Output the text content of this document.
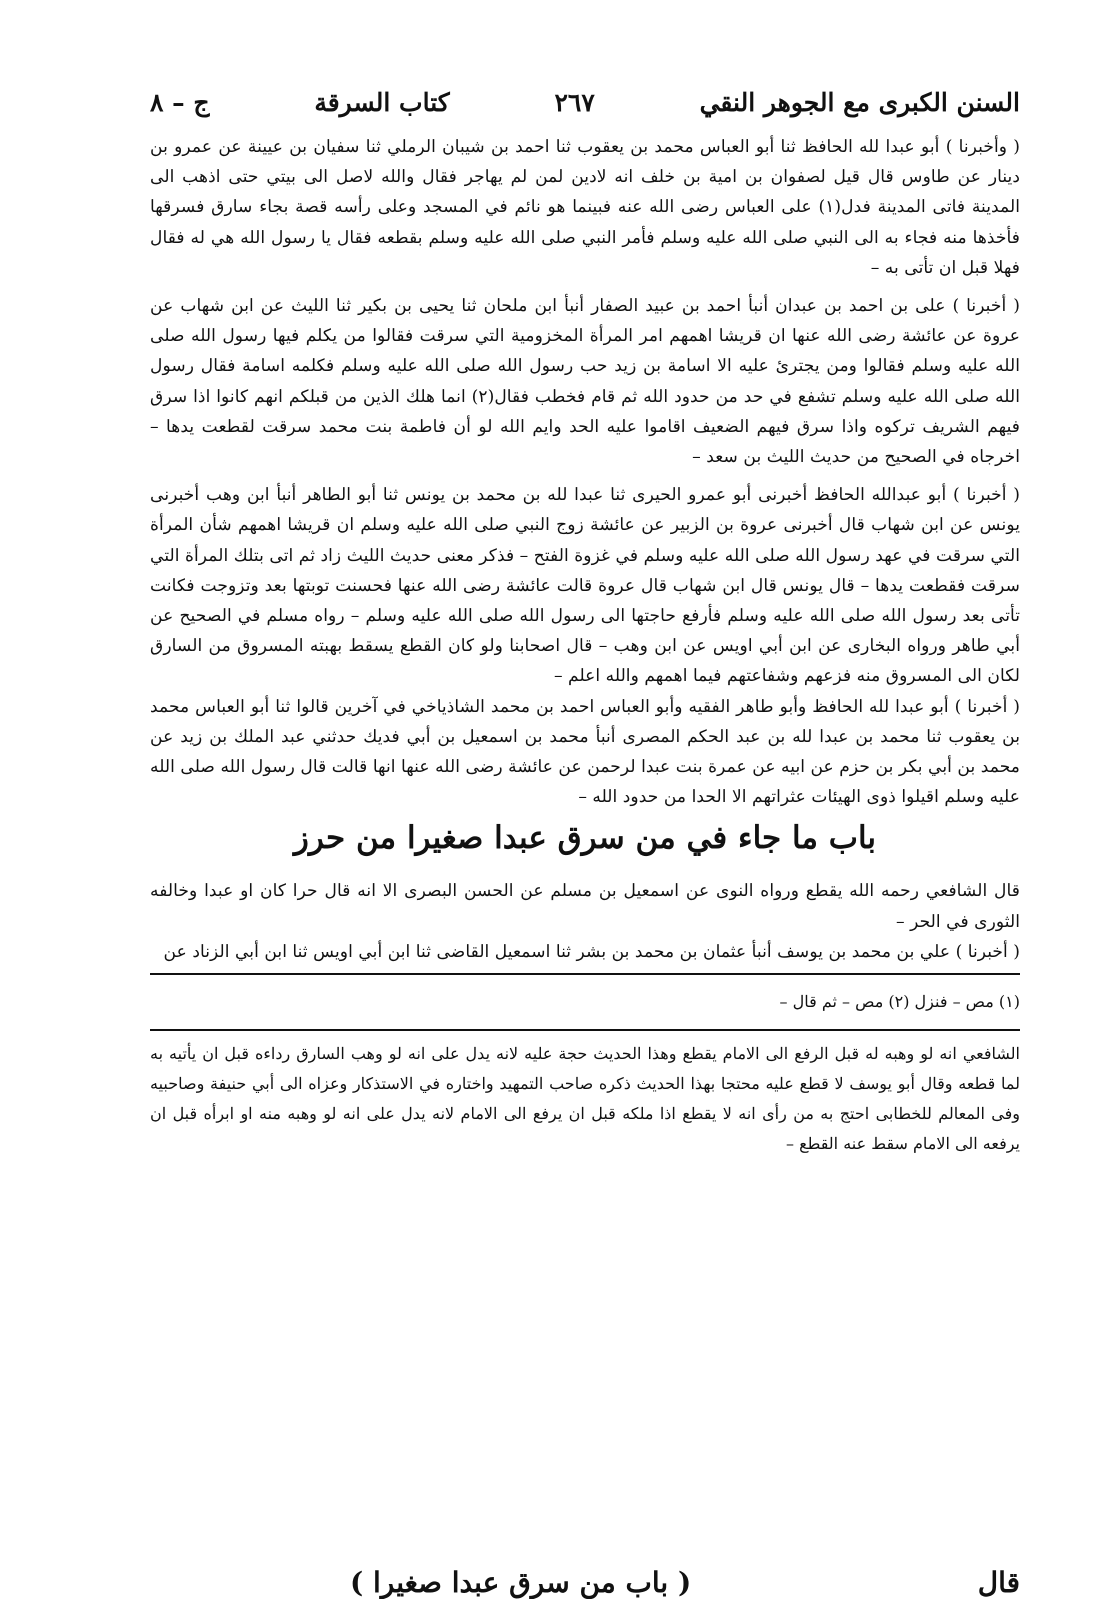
السنن الكبرى مع الجوهر النقي
٢٦٧
كتاب السرقة
ج – ٨

( وأخبرنا ) أبو عبدا لله الحافظ ثنا أبو العباس محمد بن يعقوب ثنا احمد بن شيبان الرملي ثنا سفيان بن عيينة عن عمرو بن دينار عن طاوس قال قيل لصفوان بن امية بن خلف انه لادين لمن لم يهاجر فقال والله لاصل الى بيتي حتى اذهب الى المدينة فاتى المدينة فدل(١) على العباس رضى الله عنه فبينما هو نائم في المسجد وعلى رأسه قصة بجاء سارق فسرقها فأخذها منه فجاء به الى النبي صلى الله عليه وسلم فأمر النبي صلى الله عليه وسلم بقطعه فقال يا رسول الله هي له فقال فهلا قبل ان تأتى به –

( أخبرنا ) على بن احمد بن عبدان أنبأ احمد بن عبيد الصفار أنبأ ابن ملحان ثنا يحيى بن بكير ثنا الليث عن ابن شهاب عن عروة عن عائشة رضى الله عنها ان قريشا اهمهم امر المرأة المخزومية التي سرقت فقالوا من يكلم فيها رسول الله صلى الله عليه وسلم فقالوا ومن يجترئ عليه الا اسامة بن زيد حب رسول الله صلى الله عليه وسلم فكلمه اسامة فقال رسول الله صلى الله عليه وسلم تشفع في حد من حدود الله ثم قام فخطب فقال(٢) انما هلك الذين من قبلكم انهم كانوا اذا سرق فيهم الشريف تركوه واذا سرق فيهم الضعيف اقاموا عليه الحد وايم الله لو أن فاطمة بنت محمد سرقت لقطعت يدها – اخرجاه في الصحيح من حديث الليث بن سعد –

( أخبرنا ) أبو عبدالله الحافظ أخبرنى أبو عمرو الحيرى ثنا عبدا لله بن محمد بن يونس ثنا أبو الطاهر أنبأ ابن وهب أخبرنى يونس عن ابن شهاب قال أخبرنى عروة بن الزبير عن عائشة زوج النبي صلى الله عليه وسلم ان قريشا اهمهم شأن المرأة التي سرقت في عهد رسول الله صلى الله عليه وسلم في غزوة الفتح – فذكر معنى حديث الليث زاد ثم اتى بتلك المرأة التي سرقت فقطعت يدها – قال يونس قال ابن شهاب قال عروة قالت عائشة رضى الله عنها فحسنت توبتها بعد وتزوجت فكانت تأتى بعد رسول الله صلى الله عليه وسلم فأرفع حاجتها الى رسول الله صلى الله عليه وسلم – رواه مسلم في الصحيح عن أبي طاهر ورواه البخارى عن ابن أبي اويس عن ابن وهب – قال اصحابنا ولو كان القطع يسقط بهبته المسروق من السارق لكان الى المسروق منه فزعهم وشفاعتهم فيما اهمهم والله اعلم –

( أخبرنا ) أبو عبدا لله الحافظ وأبو طاهر الفقيه وأبو العباس احمد بن محمد الشاذياخي في آخرين قالوا ثنا أبو العباس محمد بن يعقوب ثنا محمد بن عبدا لله بن عبد الحكم المصرى أنبأ محمد بن اسمعيل بن أبي فديك حدثني عبد الملك بن زيد عن محمد بن أبي بكر بن حزم عن ابيه عن عمرة بنت عبدا لرحمن عن عائشة رضى الله عنها انها قالت قال رسول الله صلى الله عليه وسلم اقيلوا ذوى الهيئات عثراتهم الا الحدا من حدود الله –

باب ما جاء في من سرق عبدا صغيرا من حرز

قال الشافعي رحمه الله يقطع ورواه النوى عن اسمعيل بن مسلم عن الحسن البصرى الا انه قال حرا كان او عبدا وخالفه الثورى في الحر –

( أخبرنا ) علي بن محمد بن يوسف أنبأ عثمان بن محمد بن بشر ثنا اسمعيل القاضى ثنا ابن أبي اويس ثنا ابن أبي الزناد عن

(١) مص – فنزل (٢) مص – ثم قال –
الشافعي انه لو وهبه له قبل الرفع الى الامام يقطع وهذا الحديث حجة عليه لانه يدل على انه لو وهب السارق رداءه قبل ان يأتيه به لما قطعه وقال أبو يوسف لا قطع عليه محتجا بهذا الحديث ذكره صاحب التمهيد واختاره في الاستذكار وعزاه الى أبي حنيفة وصاحبيه وفى المعالم للخطابى احتج به من رأى انه لا يقطع اذا ملكه قبل ان يرفع الى الامام لانه يدل على انه لو وهبه منه او ابرأه قبل ان يرفعه الى الامام سقط عنه القطع –
قال
( باب من سرق عبدا صغيرا )
